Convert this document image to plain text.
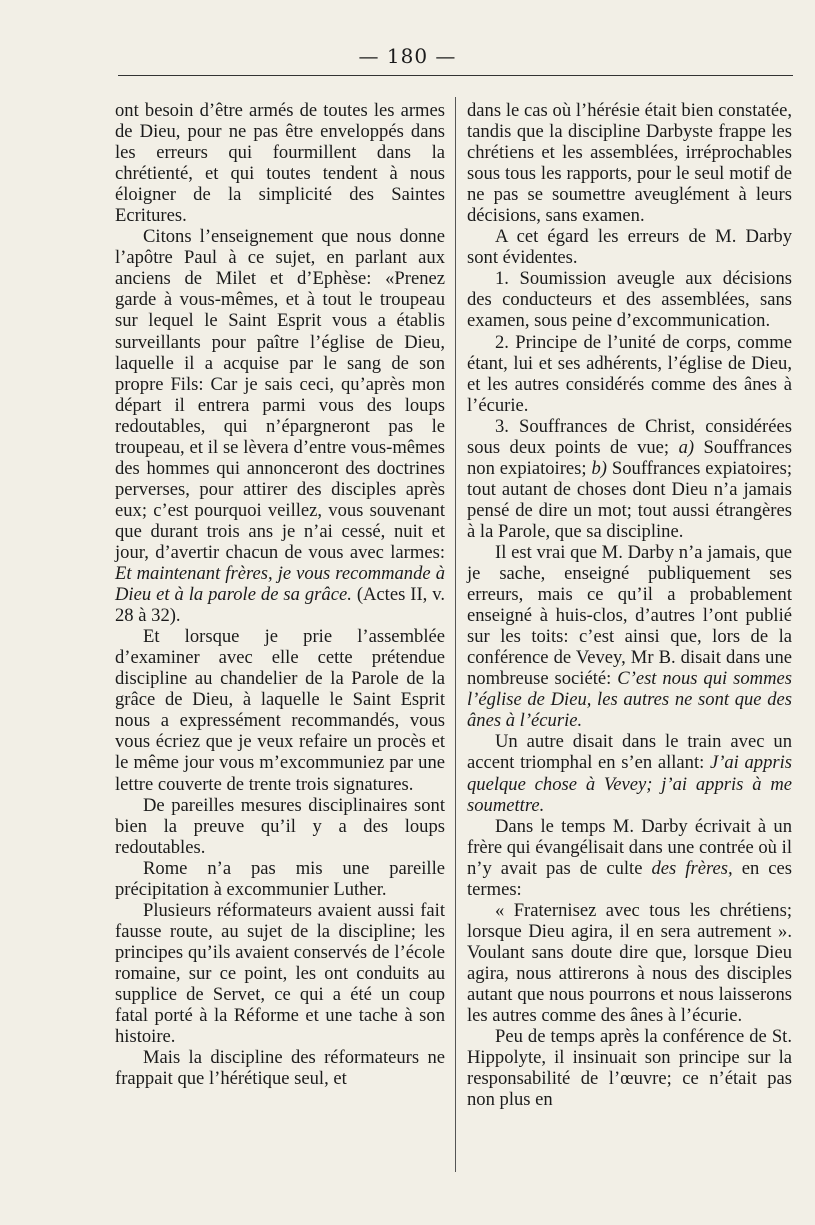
— 180 —

ont besoin d’être armés de toutes les armes de Dieu, pour ne pas être enveloppés dans les erreurs qui fourmillent dans la chrétienté, et qui toutes tendent à nous éloigner de la simplicité des Saintes Ecritures.

Citons l’enseignement que nous donne l’apôtre Paul à ce sujet, en parlant aux anciens de Milet et d’Ephèse: «Prenez garde à vous-mêmes, et à tout le troupeau sur lequel le Saint Esprit vous a établis surveillants pour paître l’église de Dieu, laquelle il a acquise par le sang de son propre Fils: Car je sais ceci, qu’après mon départ il entrera parmi vous des loups redoutables, qui n’épargneront pas le troupeau, et il se lèvera d’entre vous-mêmes des hommes qui annonceront des doctrines perverses, pour attirer des disciples après eux; c’est pourquoi veillez, vous souvenant que durant trois ans je n’ai cessé, nuit et jour, d’avertir chacun de vous avec larmes: Et maintenant frères, je vous recommande à Dieu et à la parole de sa grâce. (Actes II, v. 28 à 32).

Et lorsque je prie l’assemblée d’examiner avec elle cette prétendue discipline au chandelier de la Parole de la grâce de Dieu, à laquelle le Saint Esprit nous a expressément recommandés, vous vous écriez que je veux refaire un procès et le même jour vous m’excommuniez par une lettre couverte de trente trois signatures.

De pareilles mesures disciplinaires sont bien la preuve qu’il y a des loups redoutables.

Rome n’a pas mis une pareille précipitation à excommunier Luther.

Plusieurs réformateurs avaient aussi fait fausse route, au sujet de la discipline; les principes qu’ils avaient conservés de l’école romaine, sur ce point, les ont conduits au supplice de Servet, ce qui a été un coup fatal porté à la Réforme et une tache à son histoire.

Mais la discipline des réformateurs ne frappait que l’hérétique seul, et

dans le cas où l’hérésie était bien constatée, tandis que la discipline Darbyste frappe les chrétiens et les assemblées, irréprochables sous tous les rapports, pour le seul motif de ne pas se soumettre aveuglément à leurs décisions, sans examen.

A cet égard les erreurs de M. Darby sont évidentes.

1. Soumission aveugle aux décisions des conducteurs et des assemblées, sans examen, sous peine d’excommunication.

2. Principe de l’unité de corps, comme étant, lui et ses adhérents, l’église de Dieu, et les autres considérés comme des ânes à l’écurie.

3. Souffrances de Christ, considérées sous deux points de vue; a) Souffrances non expiatoires; b) Souffrances expiatoires; tout autant de choses dont Dieu n’a jamais pensé de dire un mot; tout aussi étrangères à la Parole, que sa discipline.

Il est vrai que M. Darby n’a jamais, que je sache, enseigné publiquement ses erreurs, mais ce qu’il a probablement enseigné à huis-clos, d’autres l’ont publié sur les toits: c’est ainsi que, lors de la conférence de Vevey, Mr B. disait dans une nombreuse société: C’est nous qui sommes l’église de Dieu, les autres ne sont que des ânes à l’écurie.

Un autre disait dans le train avec un accent triomphal en s’en allant: J’ai appris quelque chose à Vevey; j’ai appris à me soumettre.

Dans le temps M. Darby écrivait à un frère qui évangélisait dans une contrée où il n’y avait pas de culte des frères, en ces termes:

« Fraternisez avec tous les chrétiens; lorsque Dieu agira, il en sera autrement ». Voulant sans doute dire que, lorsque Dieu agira, nous attirerons à nous des disciples autant que nous pourrons et nous laisserons les autres comme des ânes à l’écurie.

Peu de temps après la conférence de St. Hippolyte, il insinuait son principe sur la responsabilité de l’œuvre; ce n’était pas non plus en
